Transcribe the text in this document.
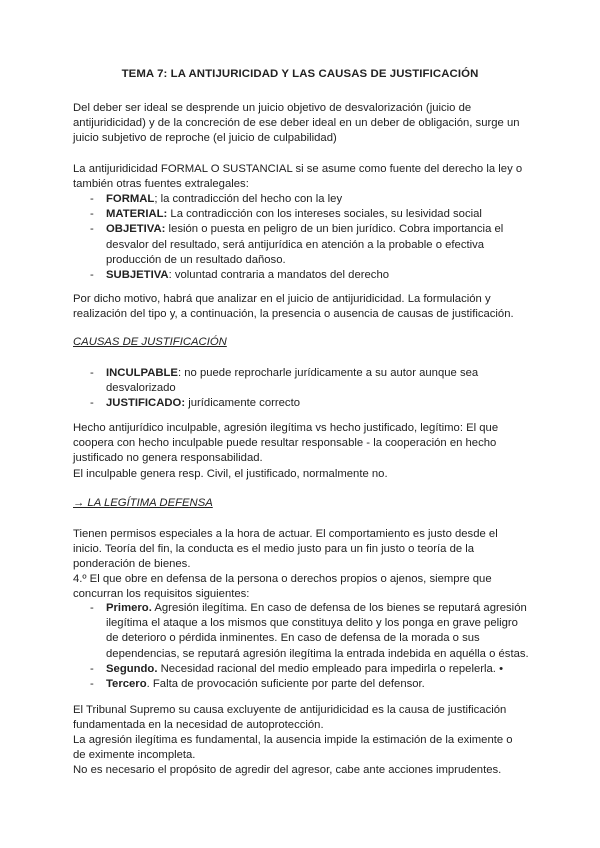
TEMA 7: LA ANTIJURICIDAD Y LAS CAUSAS DE JUSTIFICACIÓN

Del deber ser ideal se desprende un juicio objetivo de desvalorización (juicio de antijuridicidad) y de la concreción de ese deber ideal en un deber de obligación, surge un juicio subjetivo de reproche (el juicio de culpabilidad)

La antijuridicidad FORMAL O SUSTANCIAL si se asume como fuente del derecho la ley o también otras fuentes extralegales:

- FORMAL; la contradicción del hecho con la ley
- MATERIAL: La contradicción con los intereses sociales, su lesividad social
- OBJETIVA: lesión o puesta en peligro de un bien jurídico. Cobra importancia el desvalor del resultado, será antijurídica en atención a la probable o efectiva producción de un resultado dañoso.
- SUBJETIVA: voluntad contraria a mandatos del derecho

Por dicho motivo, habrá que analizar en el juicio de antijuridicidad. La formulación y realización del tipo y, a continuación, la presencia o ausencia de causas de justificación.

CAUSAS DE JUSTIFICACIÓN
- INCULPABLE: no puede reprocharle jurídicamente a su autor aunque sea desvalorizado
- JUSTIFICADO: jurídicamente correcto

Hecho antijurídico inculpable, agresión ilegítima vs hecho justificado, legítimo: El que coopera con hecho inculpable puede resultar responsable - la cooperación en hecho justificado no genera responsabilidad.

El inculpable genera resp. Civil, el justificado, normalmente no.

→ LA LEGÍTIMA DEFENSA

Tienen permisos especiales a la hora de actuar. El comportamiento es justo desde el inicio. Teoría del fin, la conducta es el medio justo para un fin justo o teoría de la ponderación de bienes.

4.º El que obre en defensa de la persona o derechos propios o ajenos, siempre que concurran los requisitos siguientes:

- Primero. Agresión ilegítima. En caso de defensa de los bienes se reputará agresión ilegítima el ataque a los mismos que constituya delito y los ponga en grave peligro de deterioro o pérdida inminentes. En caso de defensa de la morada o sus dependencias, se reputará agresión ilegítima la entrada indebida en aquélla o éstas.
- Segundo. Necesidad racional del medio empleado para impedirla o repelerla. •
- Tercero. Falta de provocación suficiente por parte del defensor.

El Tribunal Supremo su causa excluyente de antijuridicidad es la causa de justificación fundamentada en la necesidad de autoprotección.

La agresión ilegítima es fundamental, la ausencia impide la estimación de la eximente o de eximente incompleta.

No es necesario el propósito de agredir del agresor, cabe ante acciones imprudentes.
